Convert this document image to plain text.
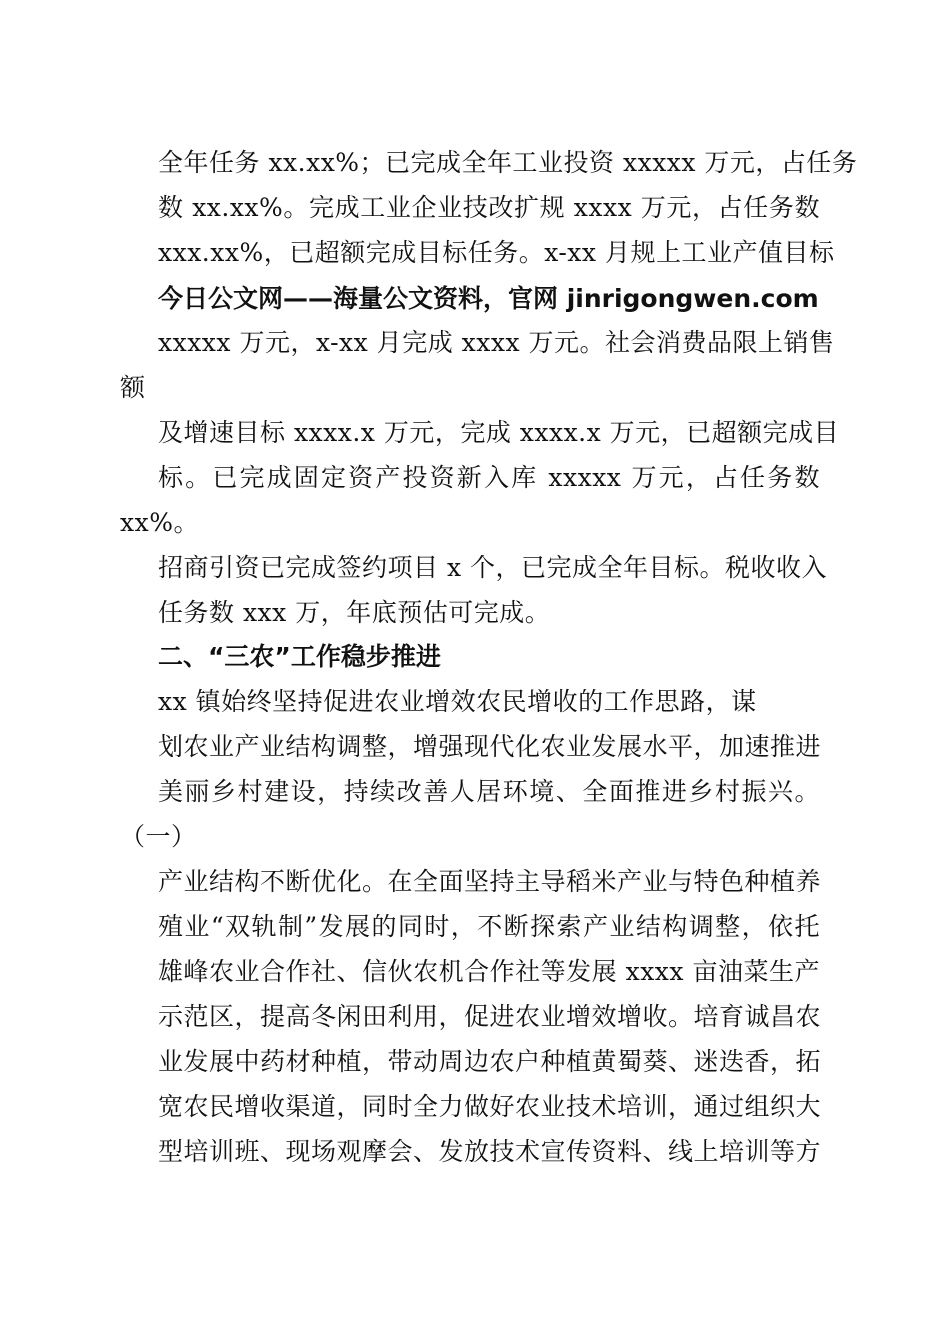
全年任务 xx.xx%；已完成全年工业投资 xxxxx 万元，占任务
数 xx.xx%。完成工业企业技改扩规 xxxx 万元，占任务数
xxx.xx%，已超额完成目标任务。x-xx 月规上工业产值目标
今日公文网——海量公文资料，官网 jinrigongwen.com
xxxxx 万元，x-xx 月完成 xxxx 万元。社会消费品限上销售
额
及增速目标 xxxx.x 万元，完成 xxxx.x 万元，已超额完成目
标。已完成固定资产投资新入库 xxxxx 万元，占任务数
xx%。
招商引资已完成签约项目 x 个，已完成全年目标。税收收入
任务数 xxx 万，年底预估可完成。
二、“三农”工作稳步推进
xx 镇始终坚持促进农业增效农民增收的工作思路，谋
划农业产业结构调整，增强现代化农业发展水平，加速推进
美丽乡村建设，持续改善人居环境、全面推进乡村振兴。
（一）
产业结构不断优化。在全面坚持主导稻米产业与特色种植养
殖业“双轨制”发展的同时，不断探索产业结构调整，依托
雄峰农业合作社、信伙农机合作社等发展 xxxx 亩油菜生产
示范区，提高冬闲田利用，促进农业增效增收。培育诚昌农
业发展中药材种植，带动周边农户种植黄蜀葵、迷迭香，拓
宽农民增收渠道，同时全力做好农业技术培训，通过组织大
型培训班、现场观摩会、发放技术宣传资料、线上培训等方
